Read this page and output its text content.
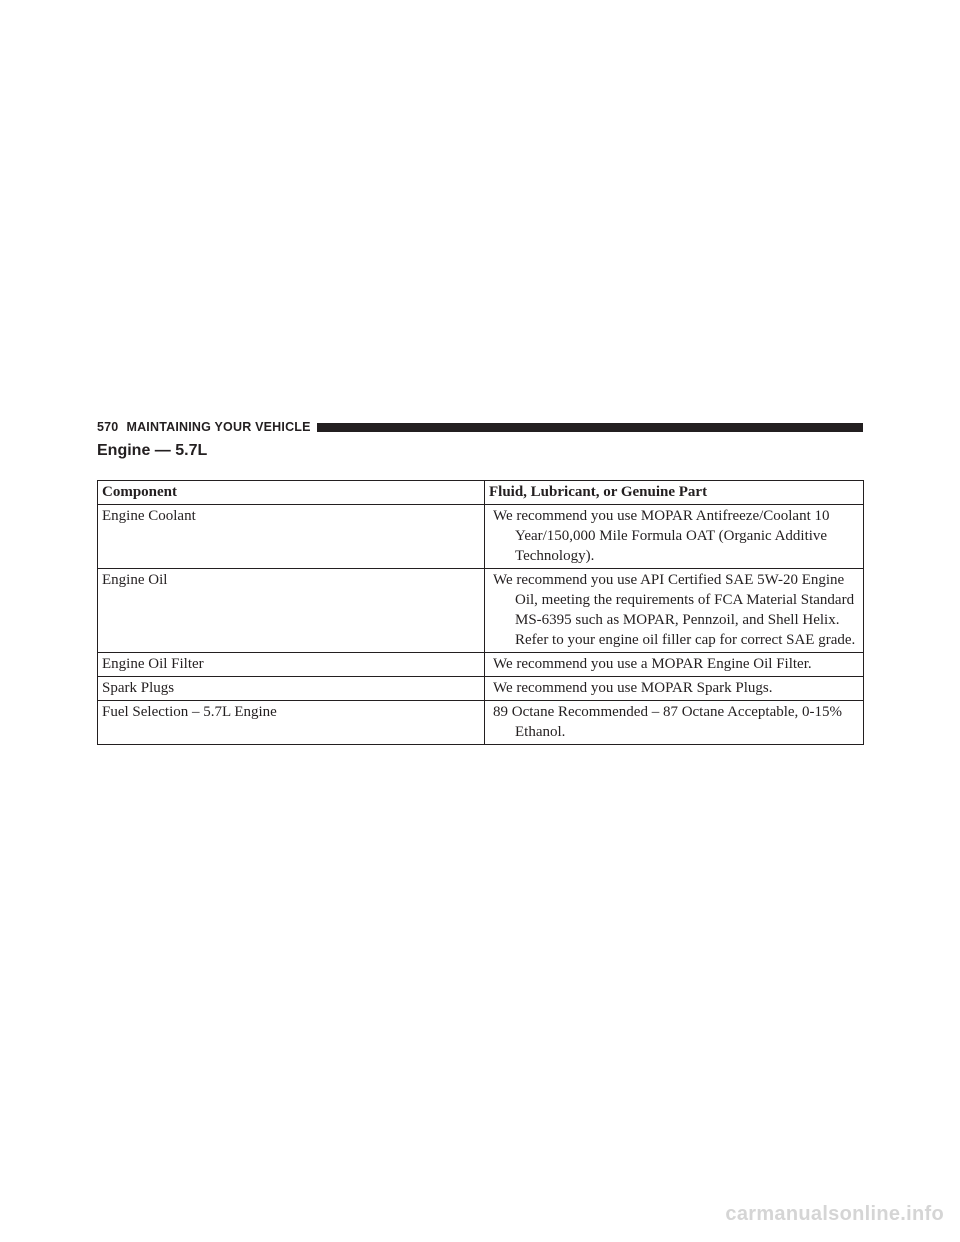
570 MAINTAINING YOUR VEHICLE
Engine — 5.7L
Component	Fluid, Lubricant, or Genuine Part
Engine Coolant	We recommend you use MOPAR Antifreeze/Coolant 10 Year/150,000 Mile Formula OAT (Organic Additive Technology).

Engine Oil	We recommend you use API Certified SAE 5W-20 Engine Oil, meeting the requirements of FCA Material Standard MS-6395 such as MOPAR, Pennzoil, and Shell Helix. Refer to your engine oil filler cap for correct SAE grade.

Engine Oil Filter	We recommend you use a MOPAR Engine Oil Filter.

Spark Plugs	We recommend you use MOPAR Spark Plugs.

Fuel Selection – 5.7L Engine	89 Octane Recommended – 87 Octane Acceptable, 0-15% Ethanol.
carmanualsonline.info
